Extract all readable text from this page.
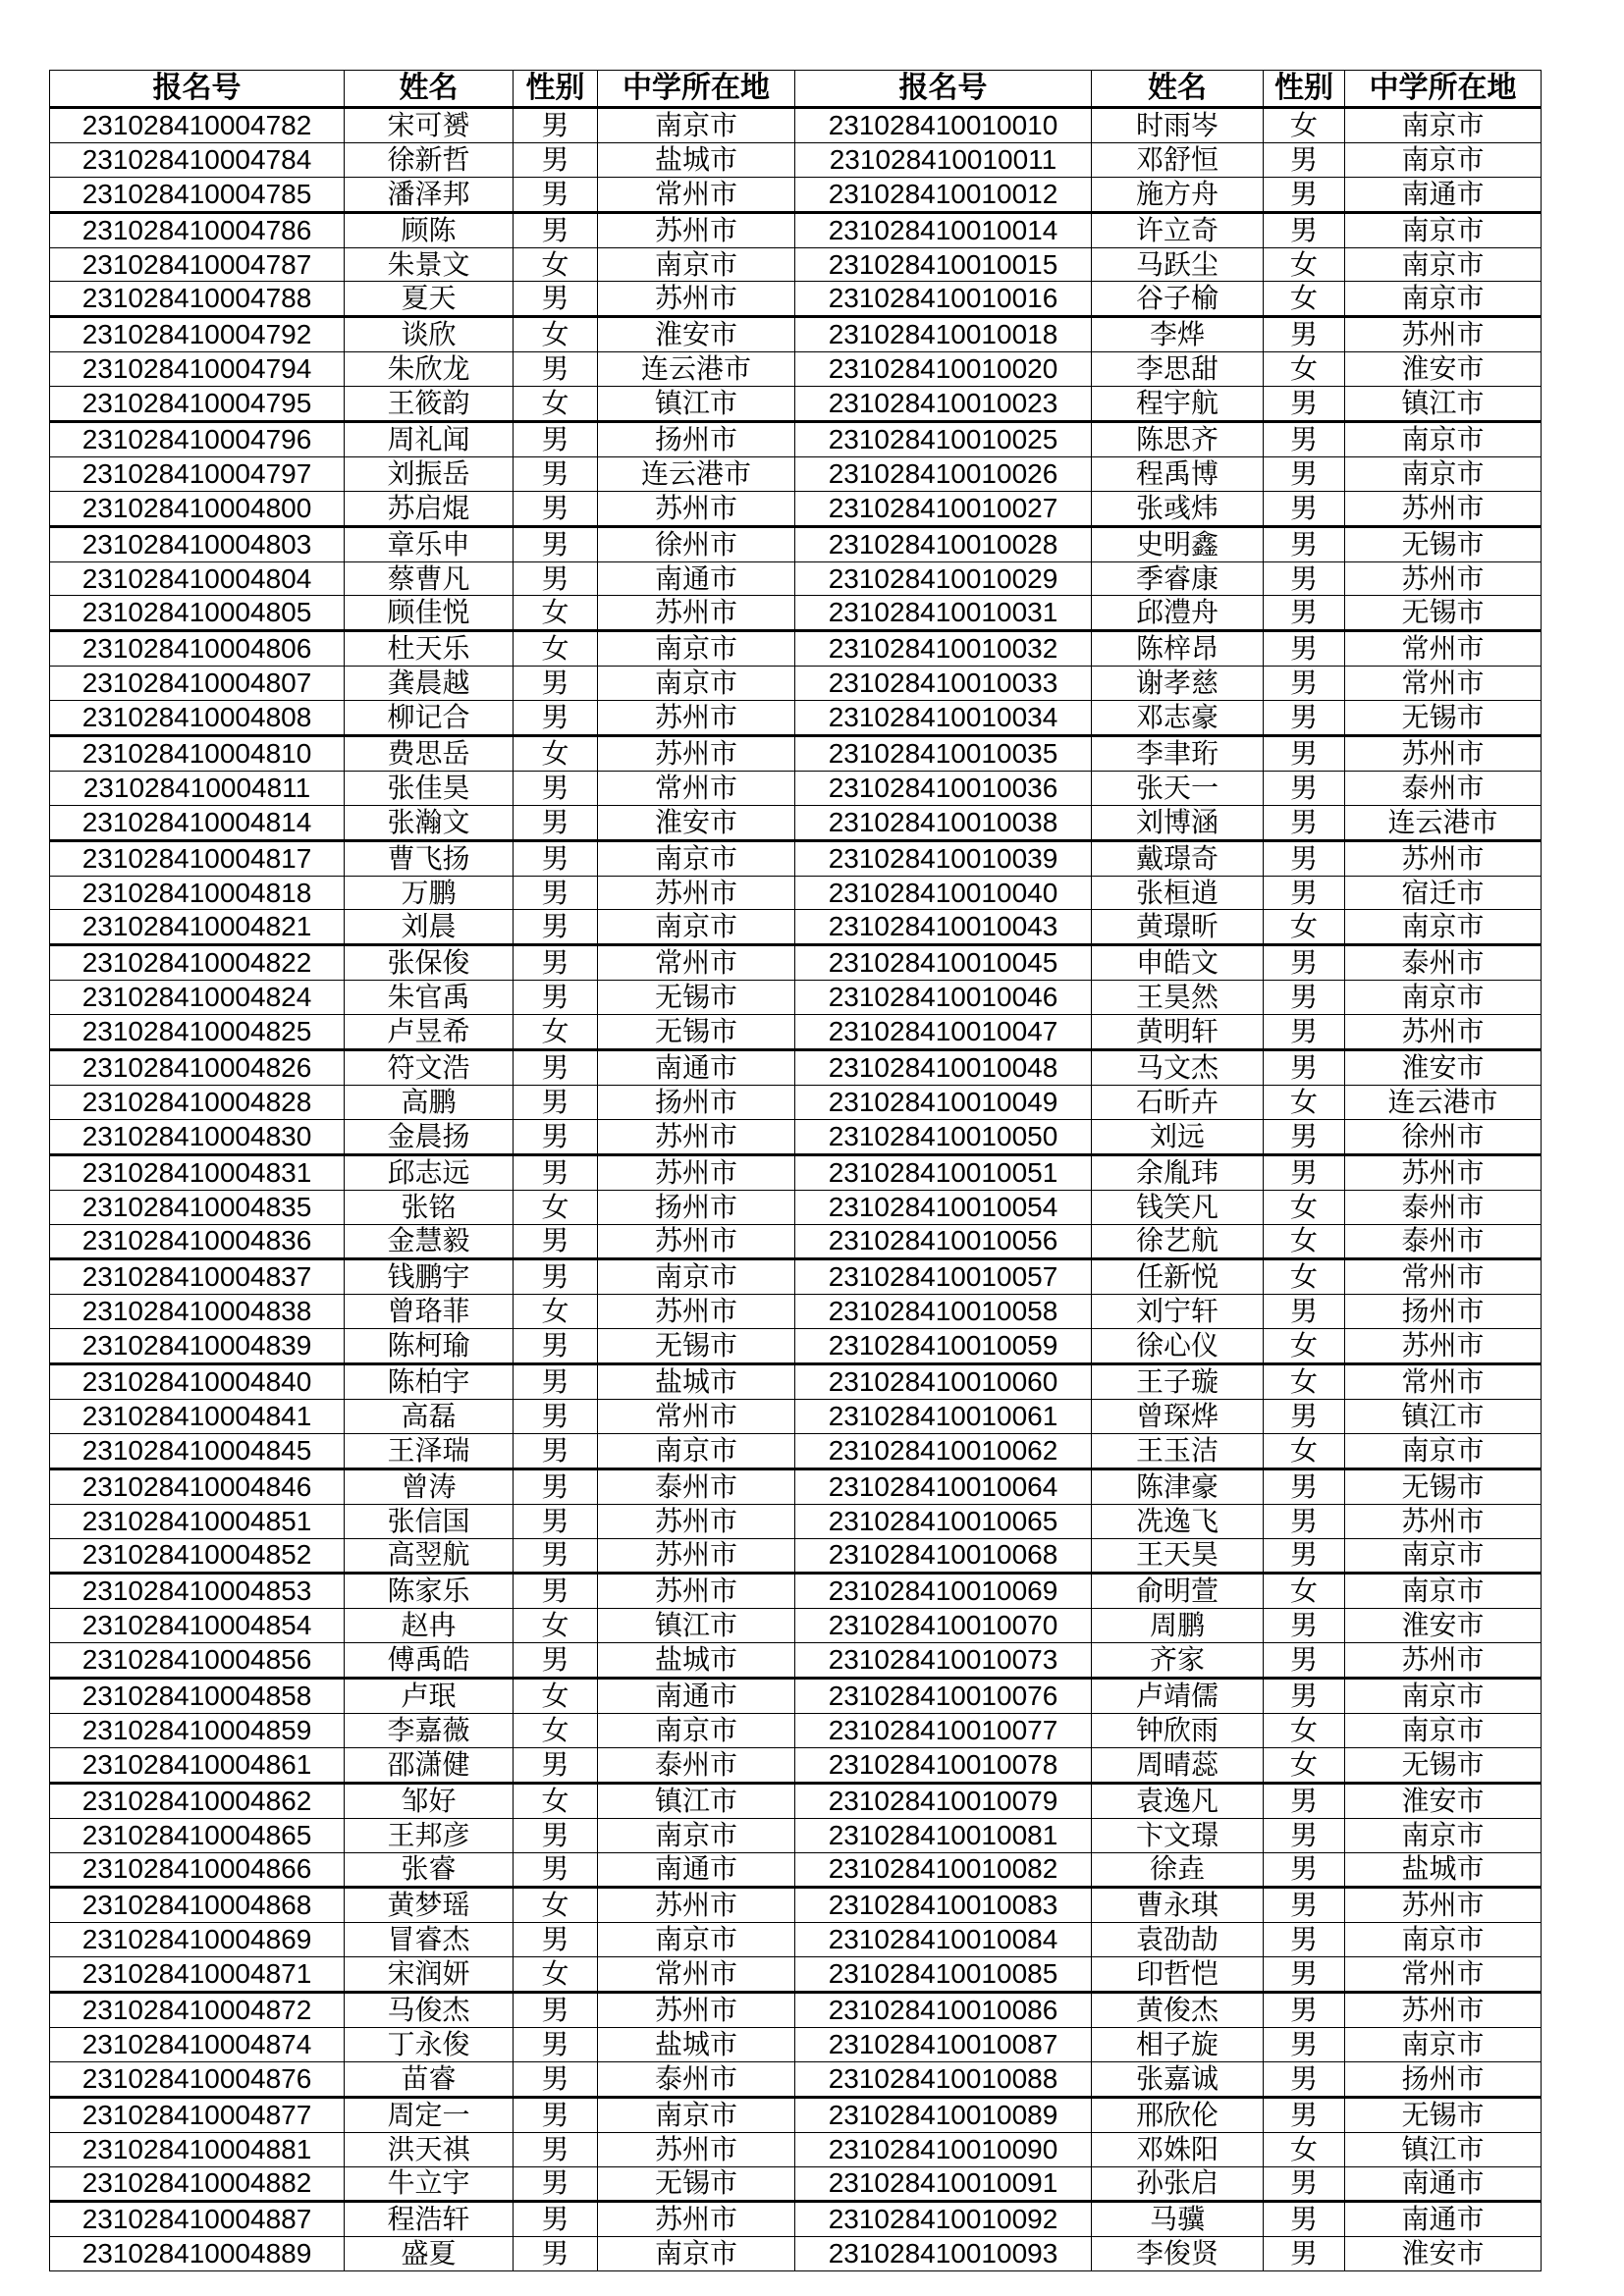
报名号	姓名	性别	中学所在地	报名号	姓名	性别	中学所在地
231028410004782	宋可赟	男	南京市	231028410010010	时雨岑	女	南京市
231028410004784	徐新哲	男	盐城市	231028410010011	邓舒恒	男	南京市
231028410004785	潘泽邦	男	常州市	231028410010012	施方舟	男	南通市
231028410004786	顾陈	男	苏州市	231028410010014	许立奇	男	南京市
231028410004787	朱景文	女	南京市	231028410010015	马跃尘	女	南京市
231028410004788	夏天	男	苏州市	231028410010016	谷子榆	女	南京市
231028410004792	谈欣	女	淮安市	231028410010018	李烨	男	苏州市
231028410004794	朱欣龙	男	连云港市	231028410010020	李思甜	女	淮安市
231028410004795	王筱韵	女	镇江市	231028410010023	程宇航	男	镇江市
231028410004796	周礼闻	男	扬州市	231028410010025	陈思齐	男	南京市
231028410004797	刘振岳	男	连云港市	231028410010026	程禹博	男	南京市
231028410004800	苏启焜	男	苏州市	231028410010027	张彧炜	男	苏州市
231028410004803	章乐申	男	徐州市	231028410010028	史明鑫	男	无锡市
231028410004804	蔡曹凡	男	南通市	231028410010029	季睿康	男	苏州市
231028410004805	顾佳悦	女	苏州市	231028410010031	邱澧舟	男	无锡市
231028410004806	杜天乐	女	南京市	231028410010032	陈梓昂	男	常州市
231028410004807	龚晨越	男	南京市	231028410010033	谢孝慈	男	常州市
231028410004808	柳记合	男	苏州市	231028410010034	邓志豪	男	无锡市
231028410004810	费思岳	女	苏州市	231028410010035	李聿珩	男	苏州市
231028410004811	张佳昊	男	常州市	231028410010036	张天一	男	泰州市
231028410004814	张瀚文	男	淮安市	231028410010038	刘博涵	男	连云港市
231028410004817	曹飞扬	男	南京市	231028410010039	戴璟奇	男	苏州市
231028410004818	万鹏	男	苏州市	231028410010040	张桓逍	男	宿迁市
231028410004821	刘晨	男	南京市	231028410010043	黄璟昕	女	南京市
231028410004822	张保俊	男	常州市	231028410010045	申皓文	男	泰州市
231028410004824	朱官禹	男	无锡市	231028410010046	王昊然	男	南京市
231028410004825	卢昱希	女	无锡市	231028410010047	黄明轩	男	苏州市
231028410004826	符文浩	男	南通市	231028410010048	马文杰	男	淮安市
231028410004828	高鹏	男	扬州市	231028410010049	石昕卉	女	连云港市
231028410004830	金晨扬	男	苏州市	231028410010050	刘远	男	徐州市
231028410004831	邱志远	男	苏州市	231028410010051	余胤玮	男	苏州市
231028410004835	张铭	女	扬州市	231028410010054	钱笑凡	女	泰州市
231028410004836	金慧毅	男	苏州市	231028410010056	徐艺航	女	泰州市
231028410004837	钱鹏宇	男	南京市	231028410010057	任新悦	女	常州市
231028410004838	曾珞菲	女	苏州市	231028410010058	刘宁轩	男	扬州市
231028410004839	陈柯瑜	男	无锡市	231028410010059	徐心仪	女	苏州市
231028410004840	陈柏宇	男	盐城市	231028410010060	王子璇	女	常州市
231028410004841	高磊	男	常州市	231028410010061	曾琛烨	男	镇江市
231028410004845	王泽瑞	男	南京市	231028410010062	王玉洁	女	南京市
231028410004846	曾涛	男	泰州市	231028410010064	陈津豪	男	无锡市
231028410004851	张信国	男	苏州市	231028410010065	冼逸飞	男	苏州市
231028410004852	高翌航	男	苏州市	231028410010068	王天昊	男	南京市
231028410004853	陈家乐	男	苏州市	231028410010069	俞明萱	女	南京市
231028410004854	赵冉	女	镇江市	231028410010070	周鹏	男	淮安市
231028410004856	傅禹皓	男	盐城市	231028410010073	齐家	男	苏州市
231028410004858	卢珉	女	南通市	231028410010076	卢靖儒	男	南京市
231028410004859	李嘉薇	女	南京市	231028410010077	钟欣雨	女	南京市
231028410004861	邵潇健	男	泰州市	231028410010078	周晴蕊	女	无锡市
231028410004862	邹好	女	镇江市	231028410010079	袁逸凡	男	淮安市
231028410004865	王邦彦	男	南京市	231028410010081	卞文璟	男	南京市
231028410004866	张睿	男	南通市	231028410010082	徐垚	男	盐城市
231028410004868	黄梦瑶	女	苏州市	231028410010083	曹永琪	男	苏州市
231028410004869	冒睿杰	男	南京市	231028410010084	袁劭劼	男	南京市
231028410004871	宋润妍	女	常州市	231028410010085	印哲恺	男	常州市
231028410004872	马俊杰	男	苏州市	231028410010086	黄俊杰	男	苏州市
231028410004874	丁永俊	男	盐城市	231028410010087	相子旋	男	南京市
231028410004876	苗睿	男	泰州市	231028410010088	张嘉诚	男	扬州市
231028410004877	周定一	男	南京市	231028410010089	邢欣伦	男	无锡市
231028410004881	洪天祺	男	苏州市	231028410010090	邓姝阳	女	镇江市
231028410004882	牛立宇	男	无锡市	231028410010091	孙张启	男	南通市
231028410004887	程浩轩	男	苏州市	231028410010092	马骥	男	南通市
231028410004889	盛夏	男	南京市	231028410010093	李俊贤	男	淮安市
